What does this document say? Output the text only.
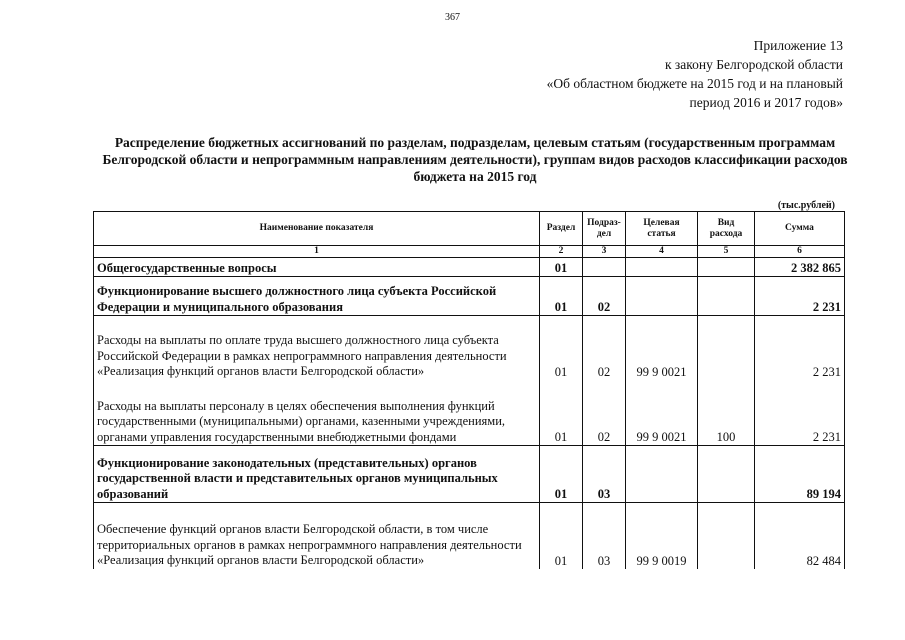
367
Приложение 13
к закону Белгородской области
«Об областном бюджете на 2015 год и на плановый
период 2016 и 2017 годов»
Распределение бюджетных ассигнований по разделам, подразделам, целевым статьям (государственным программам Белгородской области и непрограммным направлениям деятельности), группам видов расходов классификации расходов бюджета на 2015 год
(тыс.рублей)
Наименование показателя	Раздел	Подраз-дел	Целевая статья	Вид расхода	Сумма
1	2	3	4	5	6
Общегосударственные вопросы	01				2 382 865
Функционирование высшего должностного лица субъекта Российской Федерации и муниципального образования	01	02			2 231
Расходы на выплаты по оплате труда высшего должностного лица субъекта Российской Федерации в рамках непрограммного направления деятельности «Реализация функций органов власти Белгородской области»	01	02	99 9 0021		2 231
Расходы на выплаты персоналу в целях обеспечения выполнения функций государственными (муниципальными) органами, казенными учреждениями, органами управления государственными внебюджетными фондами	01	02	99 9 0021	100	2 231
Функционирование законодательных (представительных) органов государственной власти и представительных органов муниципальных образований	01	03			89 194
Обеспечение функций органов власти Белгородской области, в том числе территориальных органов в рамках непрограммного направления деятельности «Реализация функций органов власти Белгородской области»	01	03	99 9 0019		82 484
